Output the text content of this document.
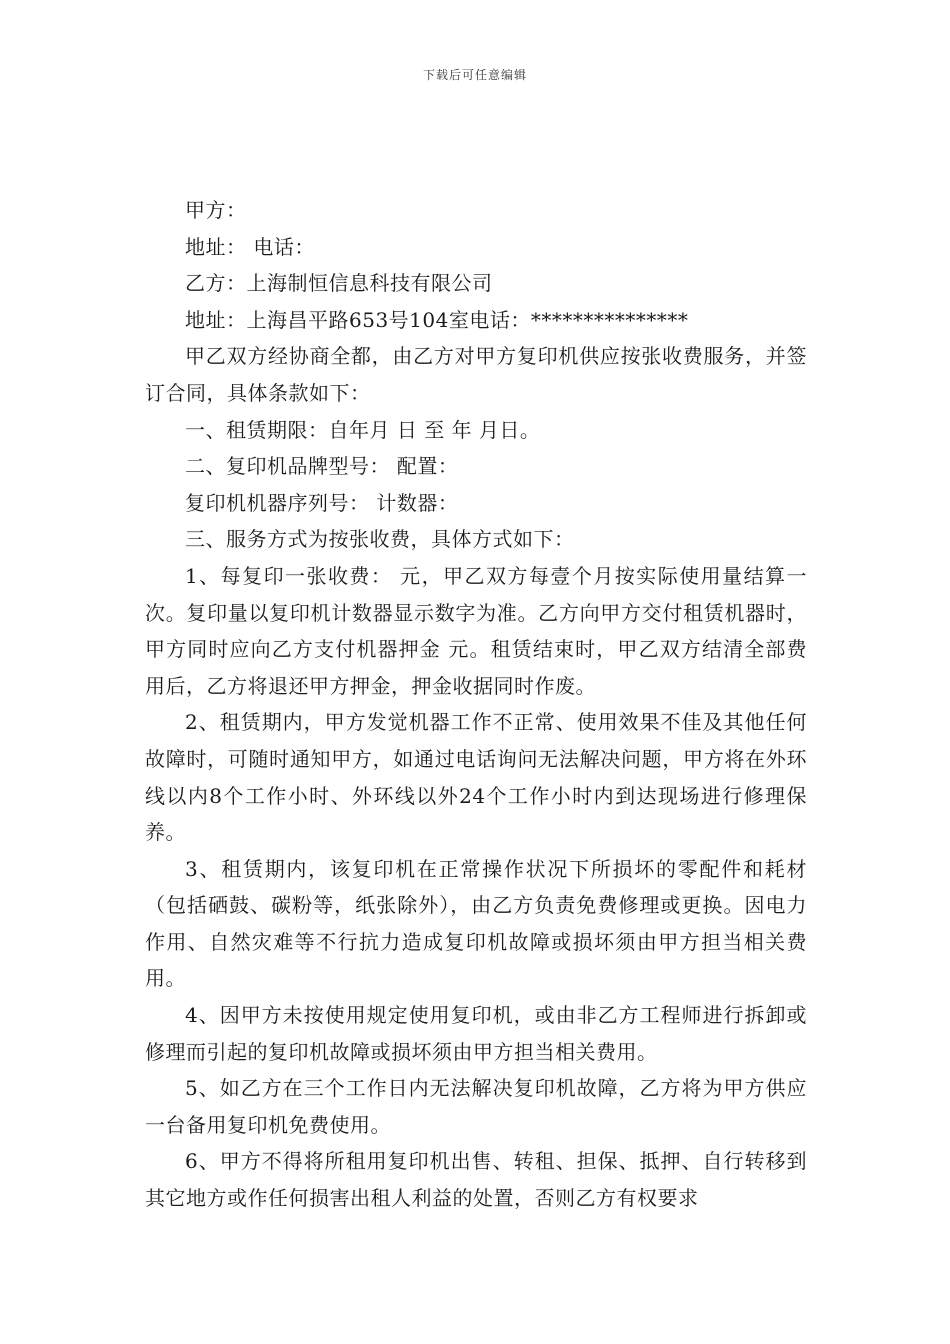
下载后可任意编辑

甲方：

地址： 电话：

乙方：上海制恒信息科技有限公司

地址：上海昌平路653号104室电话：***************

甲乙双方经协商全都，由乙方对甲方复印机供应按张收费服务，并签订合同，具体条款如下：

一、租赁期限：自年月 日 至 年 月日。

二、复印机品牌型号： 配置：

复印机机器序列号： 计数器：

三、服务方式为按张收费，具体方式如下：

1、每复印一张收费： 元，甲乙双方每壹个月按实际使用量结算一次。复印量以复印机计数器显示数字为准。乙方向甲方交付租赁机器时，甲方同时应向乙方支付机器押金 元。租赁结束时，甲乙双方结清全部费用后，乙方将退还甲方押金，押金收据同时作废。

2、租赁期内，甲方发觉机器工作不正常、使用效果不佳及其他任何故障时，可随时通知甲方，如通过电话询问无法解决问题，甲方将在外环线以内8个工作小时、外环线以外24个工作小时内到达现场进行修理保养。

3、租赁期内，该复印机在正常操作状况下所损坏的零配件和耗材（包括硒鼓、碳粉等，纸张除外），由乙方负责免费修理或更换。因电力作用、自然灾难等不行抗力造成复印机故障或损坏须由甲方担当相关费用。

4、因甲方未按使用规定使用复印机，或由非乙方工程师进行拆卸或修理而引起的复印机故障或损坏须由甲方担当相关费用。

5、如乙方在三个工作日内无法解决复印机故障，乙方将为甲方供应一台备用复印机免费使用。

6、甲方不得将所租用复印机出售、转租、担保、抵押、自行转移到其它地方或作任何损害出租人利益的处置，否则乙方有权要求
